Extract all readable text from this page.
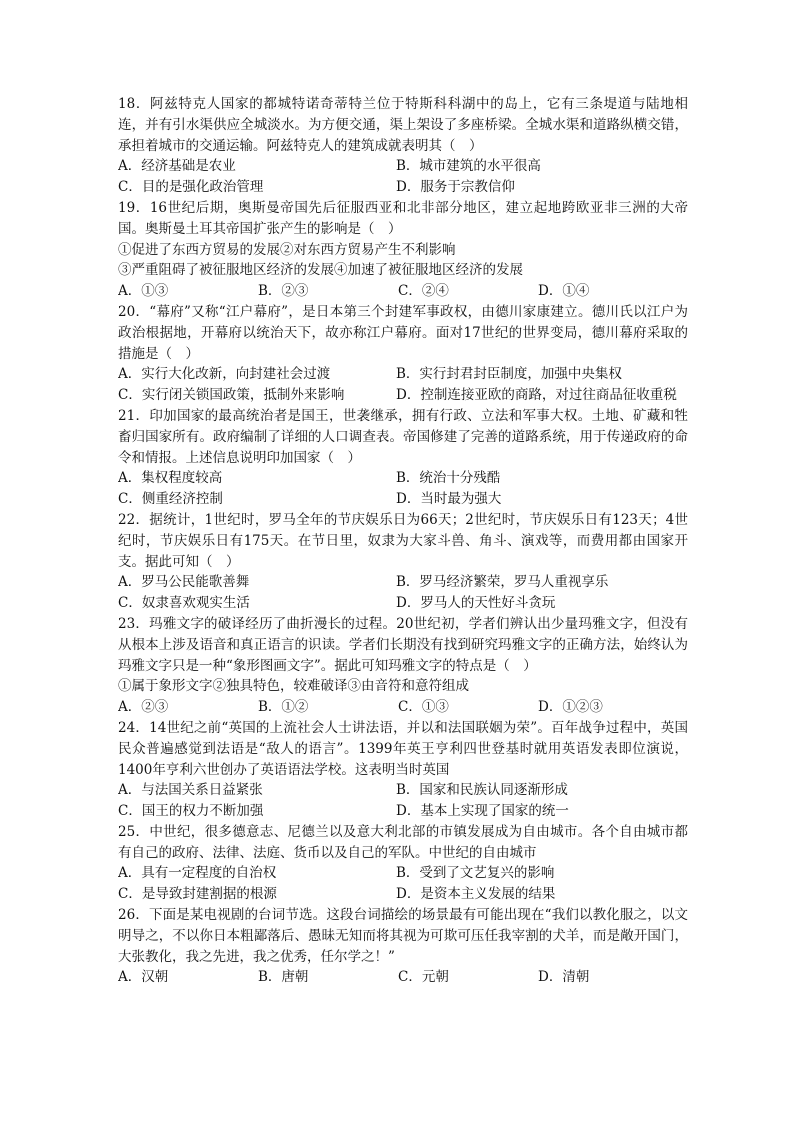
18．阿兹特克人国家的都城特诺奇蒂特兰位于特斯科科湖中的岛上，它有三条堤道与陆地相连，并有引水渠供应全城淡水。为方便交通，渠上架设了多座桥梁。全城水渠和道路纵横交错，承担着城市的交通运输。阿兹特克人的建筑成就表明其（　）

A．经济基础是农业	B．城市建筑的水平很高
C．目的是强化政治管理	D．服务于宗教信仰

19．16世纪后期，奥斯曼帝国先后征服西亚和北非部分地区，建立起地跨欧亚非三洲的大帝国。奥斯曼土耳其帝国扩张产生的影响是（　）

①促进了东西方贸易的发展②对东西方贸易产生不利影响

③严重阻碍了被征服地区经济的发展④加速了被征服地区经济的发展

A．①③	B．②③	C．②④	D．①④

20．“幕府”又称“江户幕府”，是日本第三个封建军事政权，由德川家康建立。德川氏以江户为政治根据地，开幕府以统治天下，故亦称江户幕府。面对17世纪的世界变局，德川幕府采取的措施是（　）

A．实行大化改新，向封建社会过渡	B．实行封君封臣制度，加强中央集权
C．实行闭关锁国政策，抵制外来影响	D．控制连接亚欧的商路，对过往商品征收重税

21．印加国家的最高统治者是国王，世袭继承，拥有行政、立法和军事大权。土地、矿藏和牲畜归国家所有。政府编制了详细的人口调查表。帝国修建了完善的道路系统，用于传递政府的命令和情报。上述信息说明印加国家（　）

A．集权程度较高	B．统治十分残酷
C．侧重经济控制	D．当时最为强大

22．据统计，1世纪时，罗马全年的节庆娱乐日为66天；2世纪时，节庆娱乐日有123天；4世纪时，节庆娱乐日有175天。在节日里，奴隶为大家斗兽、角斗、演戏等，而费用都由国家开支。据此可知（　）

A．罗马公民能歌善舞	B．罗马经济繁荣，罗马人重视享乐
C．奴隶喜欢观实生活	D．罗马人的天性好斗贪玩

23．玛雅文字的破译经历了曲折漫长的过程。20世纪初，学者们辨认出少量玛雅文字，但没有从根本上涉及语音和真正语言的识读。学者们长期没有找到研究玛雅文字的正确方法，始终认为玛雅文字只是一种“象形图画文字”。据此可知玛雅文字的特点是（　）

①属于象形文字②独具特色，较难破译③由音符和意符组成

A．②③	B．①②	C．①③	D．①②③

24．14世纪之前“英国的上流社会人士讲法语，并以和法国联姻为荣”。百年战争过程中，英国民众普遍感觉到法语是“敌人的语言”。1399年英王亨利四世登基时就用英语发表即位演说，1400年亨利六世创办了英语语法学校。这表明当时英国

A．与法国关系日益紧张	B．国家和民族认同逐渐形成
C．国王的权力不断加强	D．基本上实现了国家的统一

25．中世纪，很多德意志、尼德兰以及意大利北部的市镇发展成为自由城市。各个自由城市都有自己的政府、法律、法庭、货币以及自己的军队。中世纪的自由城市

A．具有一定程度的自治权	B．受到了文艺复兴的影响
C．是导致封建割据的根源	D．是资本主义发展的结果

26．下面是某电视剧的台词节选。这段台词描绘的场景最有可能出现在“我们以教化服之，以文明导之，不以你日本粗鄙落后、愚昧无知而将其视为可欺可压任我宰割的犬羊，而是敞开国门，大张教化，我之先进，我之优秀，任尔学之！”

A．汉朝	B．唐朝	C．元朝	D．清朝
